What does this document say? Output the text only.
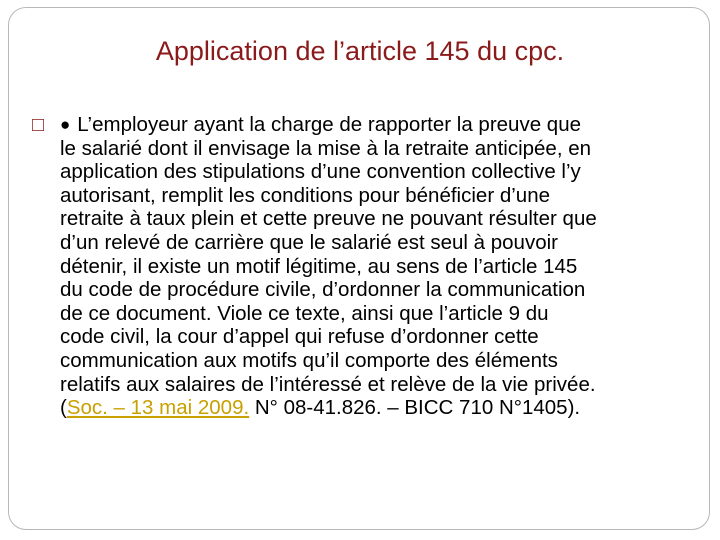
Application de l’article 145 du cpc.
□ ● L’employeur ayant la charge de rapporter la preuve que
le salarié dont il envisage la mise à la retraite anticipée, en
application des stipulations d’une convention collective l’y
autorisant, remplit les conditions pour bénéficier d’une
retraite à taux plein et cette preuve ne pouvant résulter que
d’un relevé de carrière que le salarié est seul à pouvoir
détenir, il existe un motif légitime, au sens de l’article 145
du code de procédure civile, d’ordonner la communication
de ce document. Viole ce texte, ainsi que l’article 9 du
code civil, la cour d’appel qui refuse d’ordonner cette
communication aux motifs qu’il comporte des éléments
relatifs aux salaires de l’intéressé et relève de la vie privée.
(Soc. – 13 mai 2009. N° 08-41.826. – BICC 710 N°1405).
